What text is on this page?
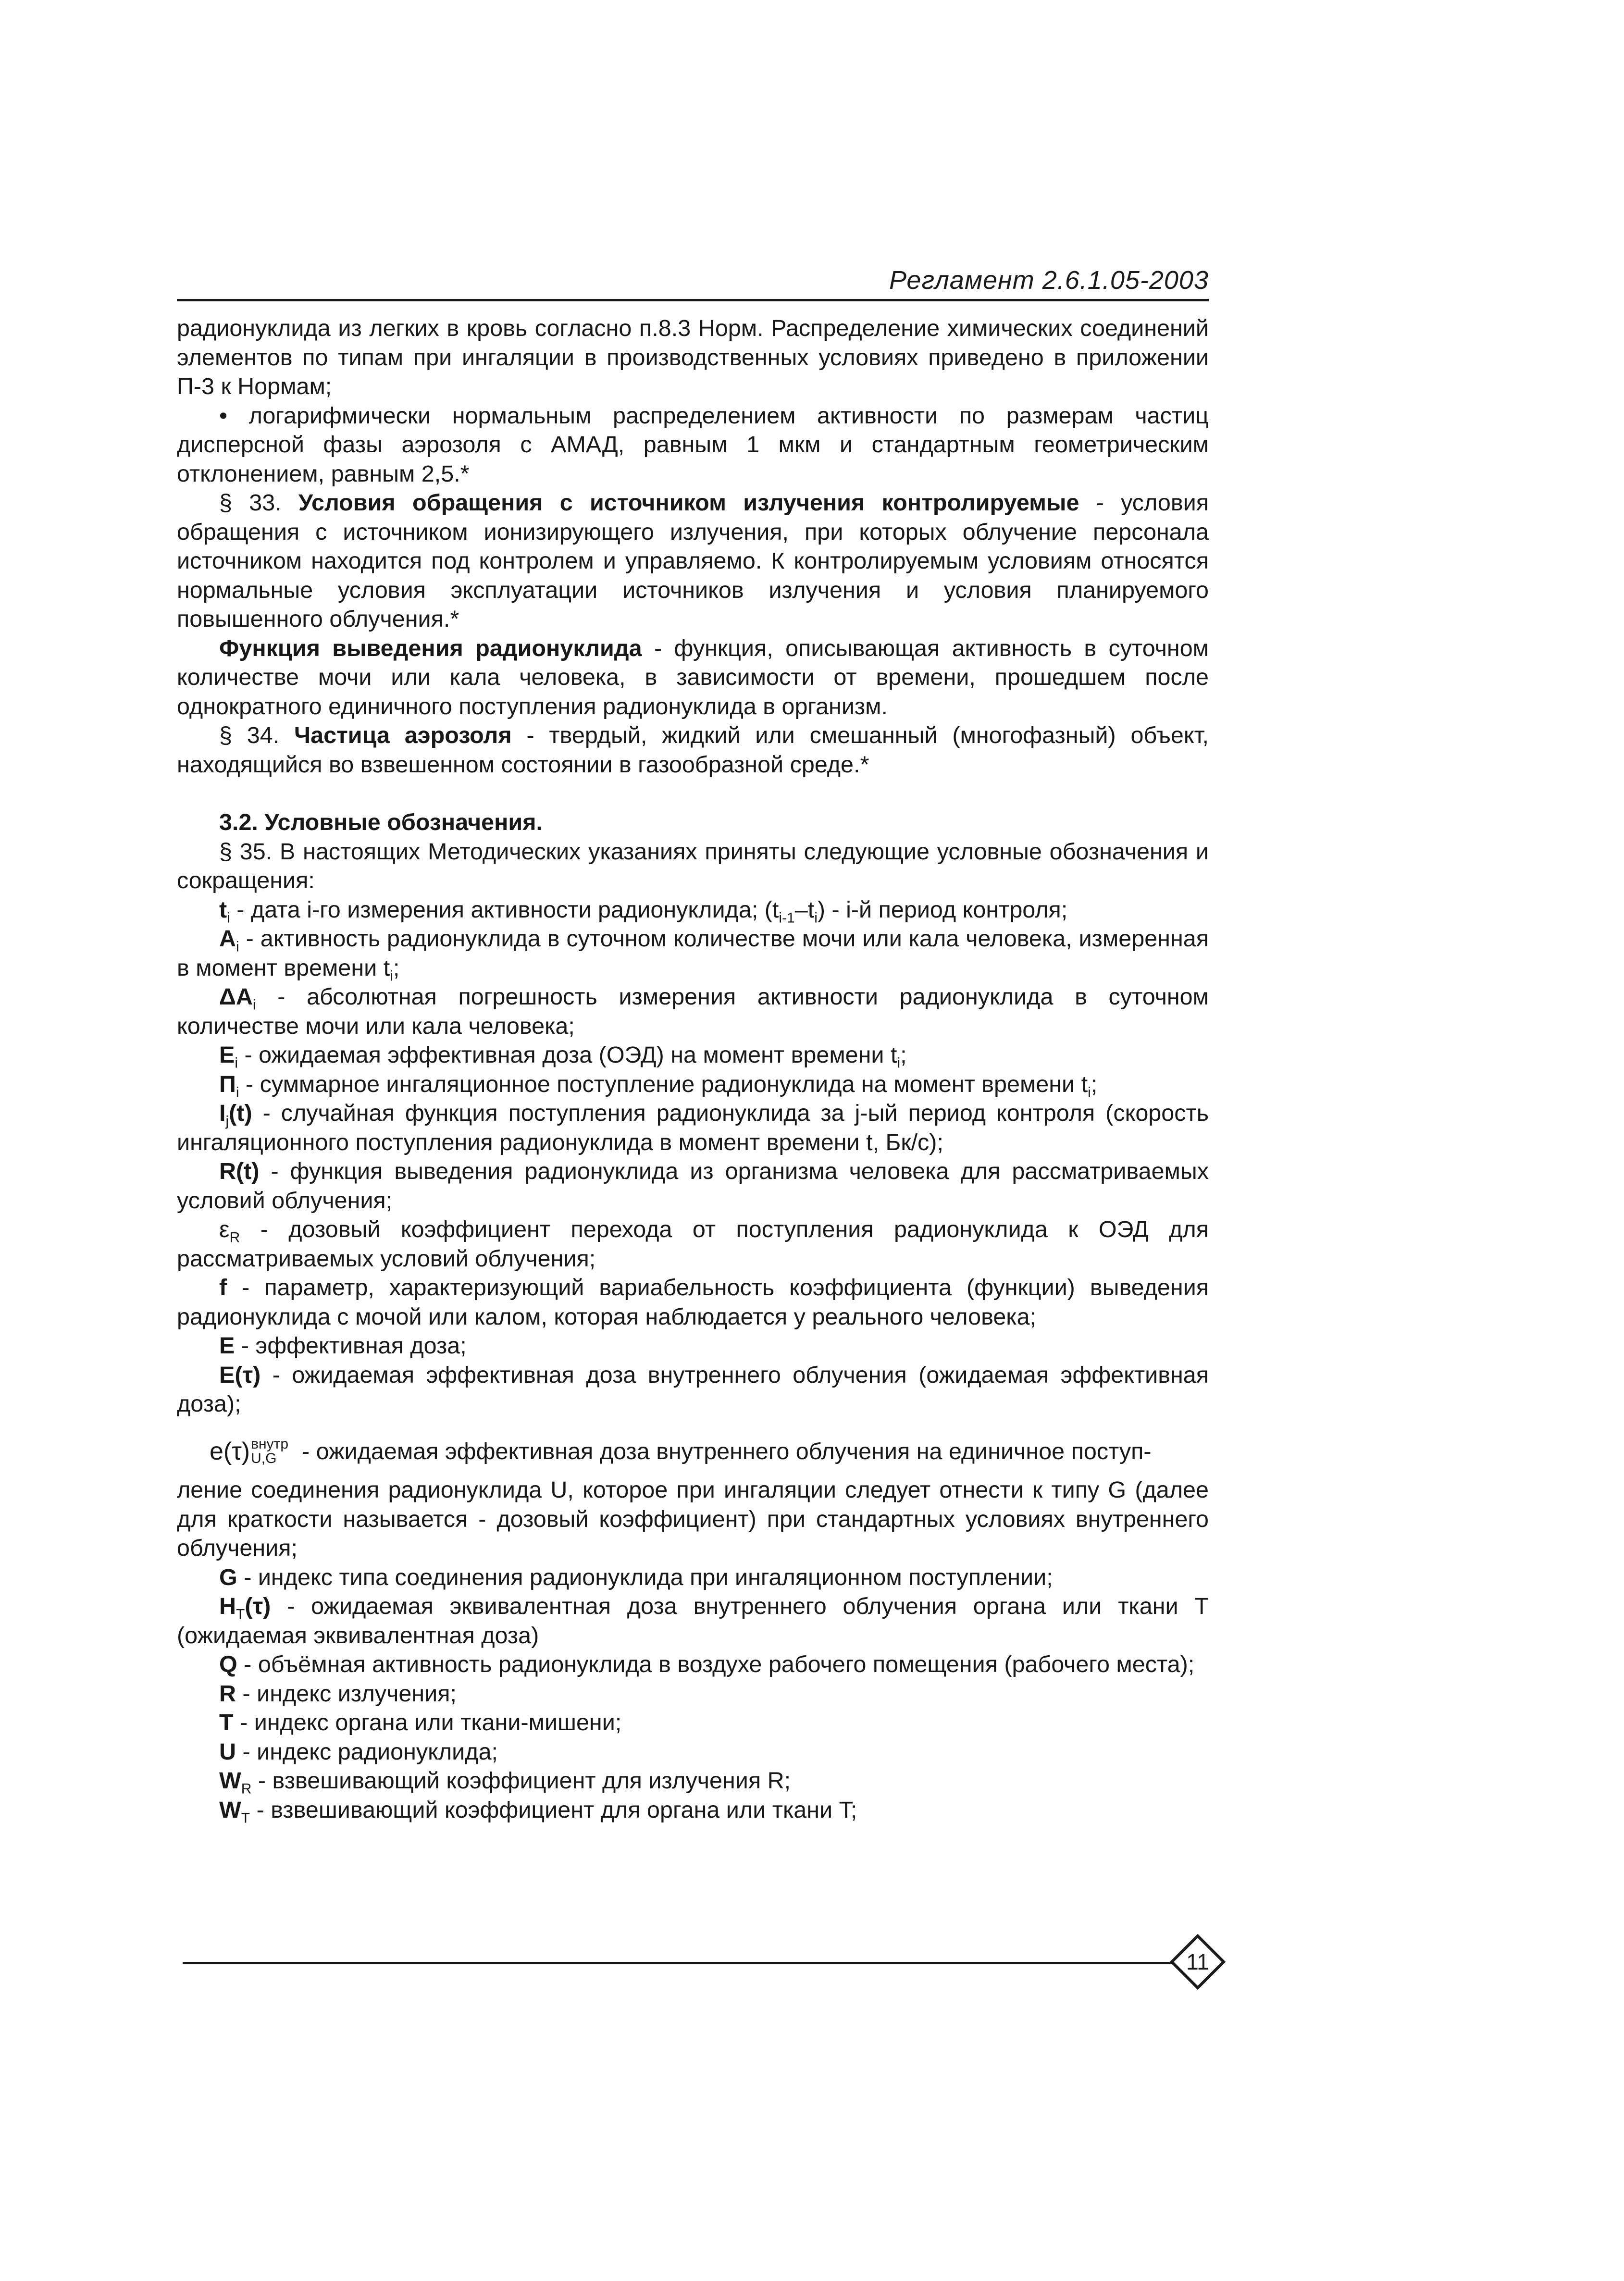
Регламент 2.6.1.05-2003

радионуклида из легких в кровь согласно п.8.3 Норм. Распределение химических соединений элементов по типам при ингаляции в производственных условиях приведено в приложении П-3 к Нормам;

• логарифмически нормальным распределением активности по размерам частиц дисперсной фазы аэрозоля с АМАД, равным 1 мкм и стандартным геометрическим отклонением, равным 2,5.*

§ 33. Условия обращения с источником излучения контролируемые - условия обращения с источником ионизирующего излучения, при которых облучение персонала источником находится под контролем и управляемо. К контролируемым условиям относятся нормальные условия эксплуатации источников излучения и условия планируемого повышенного облучения.*

Функция выведения радионуклида - функция, описывающая активность в суточном количестве мочи или кала человека, в зависимости от времени, прошедшем после однократного единичного поступления радионуклида в организм.

§ 34. Частица аэрозоля - твердый, жидкий или смешанный (многофазный) объект, находящийся во взвешенном состоянии в газообразной среде.*

3.2. Условные обозначения.

§ 35. В настоящих Методических указаниях приняты следующие условные обозначения и сокращения:

$t_i$ - дата i-го измерения активности радионуклида; $(t_{i-1}-t_i) - i-й$ период контроля;

$A_i$ - активность радионуклида в суточном количестве мочи или кала человека, измеренная в момент времени $t_i$;

$\Delta A_i$ - абсолютная погрешность измерения активности радионуклида в суточном количестве мочи или кала человека;

$E_i$ - ожидаемая эффективная доза (ОЭД) на момент времени $t_i$;

$П_i$ - суммарное ингаляционное поступление радионуклида на момент времени $t_i$;

$I_j(t)$ - случайная функция поступления радионуклида за j-ый период контроля (скорость ингаляционного поступления радионуклида в момент времени t, Бк/с);

R(t) - функция выведения радионуклида из организма человека для рассматриваемых условий облучения;

$\varepsilon_R$ - дозовый коэффициент перехода от поступления радионуклида к ОЭД для рассматриваемых условий облучения;

f - параметр, характеризующий вариабельность коэффициента (функции) выведения радионуклида с мочой или калом, которая наблюдается у реального человека;

E - эффективная доза;

E(τ) - ожидаемая эффективная доза внутреннего облучения (ожидаемая эффективная доза);

e(τ) внутр
U,G	- ожидаемая эффективная доза внутреннего облучения на единичное поступ-

ление соединения радионуклида U, которое при ингаляции следует отнести к типу G (далее для краткости называется - дозовый коэффициент) при стандартных условиях внутреннего облучения;

G - индекс типа соединения радионуклида при ингаляционном поступлении;

$H_T(\tau)$ - ожидаемая эквивалентная доза внутреннего облучения органа или ткани T (ожидаемая эквивалентная доза)

Q - объёмная активность радионуклида в воздухе рабочего помещения (рабочего места);

R - индекс излучения;

T - индекс органа или ткани-мишени;

U - индекс радионуклида;

$W_R$ - взвешивающий коэффициент для излучения R;

$W_T$ - взвешивающий коэффициент для органа или ткани T;

11
